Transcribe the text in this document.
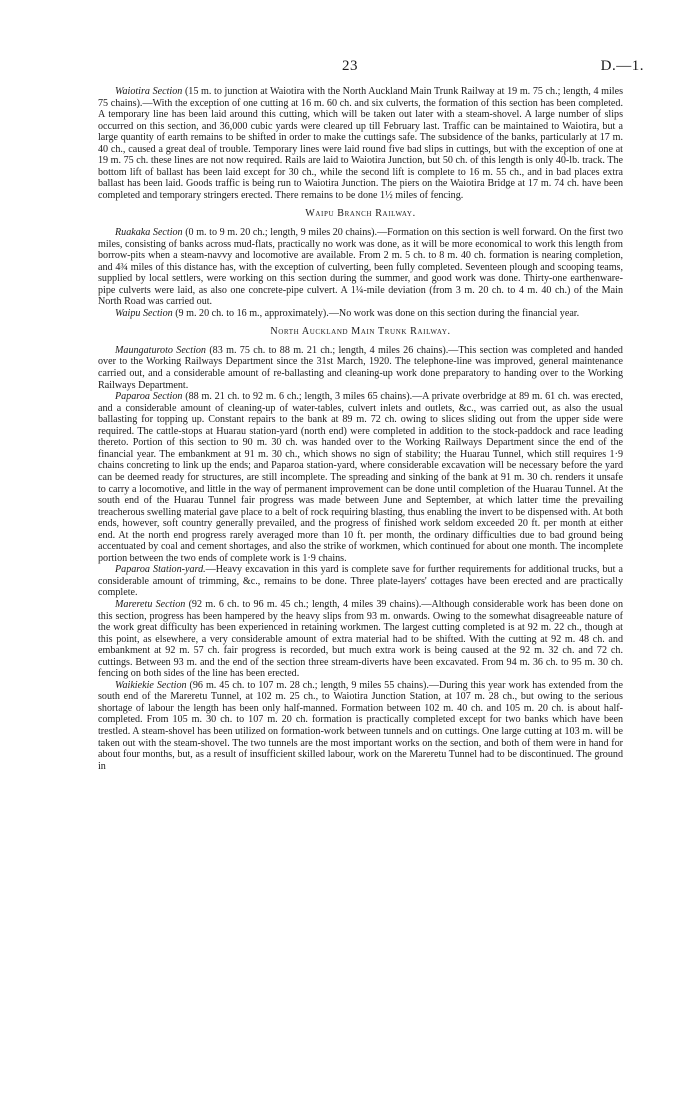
23	D.—1.

Waiotira Section (15 m. to junction at Waiotira with the North Auckland Main Trunk Railway at 19 m. 75 ch.; length, 4 miles 75 chains).—With the exception of one cutting at 16 m. 60 ch. and six culverts, the formation of this section has been completed. A temporary line has been laid around this cutting, which will be taken out later with a steam-shovel. A large number of slips occurred on this section, and 36,000 cubic yards were cleared up till February last. Traffic can be maintained to Waiotira, but a large quantity of earth remains to be shifted in order to make the cuttings safe. The subsidence of the banks, particularly at 17 m. 40 ch., caused a great deal of trouble. Temporary lines were laid round five bad slips in cuttings, but with the exception of one at 19 m. 75 ch. these lines are not now required. Rails are laid to Waiotira Junction, but 50 ch. of this length is only 40-lb. track. The bottom lift of ballast has been laid except for 30 ch., while the second lift is complete to 16 m. 55 ch., and in bad places extra ballast has been laid. Goods traffic is being run to Waiotira Junction. The piers on the Waiotira Bridge at 17 m. 74 ch. have been completed and temporary stringers erected. There remains to be done 1½ miles of fencing.

Waipu Branch Railway.

Ruakaka Section (0 m. to 9 m. 20 ch.; length, 9 miles 20 chains).—Formation on this section is well forward. On the first two miles, consisting of banks across mud-flats, practically no work was done, as it will be more economical to work this length from borrow-pits when a steam-navvy and locomotive are available. From 2 m. 5 ch. to 8 m. 40 ch. formation is nearing completion, and 4¾ miles of this distance has, with the exception of culverting, been fully completed. Seventeen plough and scooping teams, supplied by local settlers, were working on this section during the summer, and good work was done. Thirty-one earthenware-pipe culverts were laid, as also one concrete-pipe culvert. A 1¼-mile deviation (from 3 m. 20 ch. to 4 m. 40 ch.) of the Main North Road was carried out.

Waipu Section (9 m. 20 ch. to 16 m., approximately).—No work was done on this section during the financial year.

North Auckland Main Trunk Railway.

Maungaturoto Section (83 m. 75 ch. to 88 m. 21 ch.; length, 4 miles 26 chains).—This section was completed and handed over to the Working Railways Department since the 31st March, 1920. The telephone-line was improved, general maintenance carried out, and a considerable amount of re-ballasting and cleaning-up work done preparatory to handing over to the Working Railways Department.

Paparoa Section (88 m. 21 ch. to 92 m. 6 ch.; length, 3 miles 65 chains).—A private overbridge at 89 m. 61 ch. was erected, and a considerable amount of cleaning-up of water-tables, culvert inlets and outlets, &c., was carried out, as also the usual ballasting for topping up. Constant repairs to the bank at 89 m. 72 ch. owing to slices sliding out from the upper side were required. The cattle-stops at Huarau station-yard (north end) were completed in addition to the stock-paddock and race leading thereto. Portion of this section to 90 m. 30 ch. was handed over to the Working Railways Department since the end of the financial year. The embankment at 91 m. 30 ch., which shows no sign of stability; the Huarau Tunnel, which still requires 1·9 chains concreting to link up the ends; and Paparoa station-yard, where considerable excavation will be necessary before the yard can be deemed ready for structures, are still incomplete. The spreading and sinking of the bank at 91 m. 30 ch. renders it unsafe to carry a locomotive, and little in the way of permanent improvement can be done until completion of the Huarau Tunnel. At the south end of the Huarau Tunnel fair progress was made between June and September, at which latter time the prevailing treacherous swelling material gave place to a belt of rock requiring blasting, thus enabling the invert to be dispensed with. At both ends, however, soft country generally prevailed, and the progress of finished work seldom exceeded 20 ft. per month at either end. At the north end progress rarely averaged more than 10 ft. per month, the ordinary difficulties due to bad ground being accentuated by coal and cement shortages, and also the strike of workmen, which continued for about one month. The incomplete portion between the two ends of complete work is 1·9 chains.

Paparoa Station-yard.—Heavy excavation in this yard is complete save for further requirements for additional trucks, but a considerable amount of trimming, &c., remains to be done. Three plate-layers' cottages have been erected and are practically complete.

Mareretu Section (92 m. 6 ch. to 96 m. 45 ch.; length, 4 miles 39 chains).—Although considerable work has been done on this section, progress has been hampered by the heavy slips from 93 m. onwards. Owing to the somewhat disagreeable nature of the work great difficulty has been experienced in retaining workmen. The largest cutting completed is at 92 m. 22 ch., though at this point, as elsewhere, a very considerable amount of extra material had to be shifted. With the cutting at 92 m. 48 ch. and embankment at 92 m. 57 ch. fair progress is recorded, but much extra work is being caused at the 92 m. 32 ch. and 72 ch. cuttings. Between 93 m. and the end of the section three stream-diverts have been excavated. From 94 m. 36 ch. to 95 m. 30 ch. fencing on both sides of the line has been erected.

Waikiekie Section (96 m. 45 ch. to 107 m. 28 ch.; length, 9 miles 55 chains).—During this year work has extended from the south end of the Mareretu Tunnel, at 102 m. 25 ch., to Waiotira Junction Station, at 107 m. 28 ch., but owing to the serious shortage of labour the length has been only half-manned. Formation between 102 m. 40 ch. and 105 m. 20 ch. is about half-completed. From 105 m. 30 ch. to 107 m. 20 ch. formation is practically completed except for two banks which have been trestled. A steam-shovel has been utilized on formation-work between tunnels and on cuttings. One large cutting at 103 m. will be taken out with the steam-shovel. The two tunnels are the most important works on the section, and both of them were in hand for about four months, but, as a result of insufficient skilled labour, work on the Mareretu Tunnel had to be discontinued. The ground in
